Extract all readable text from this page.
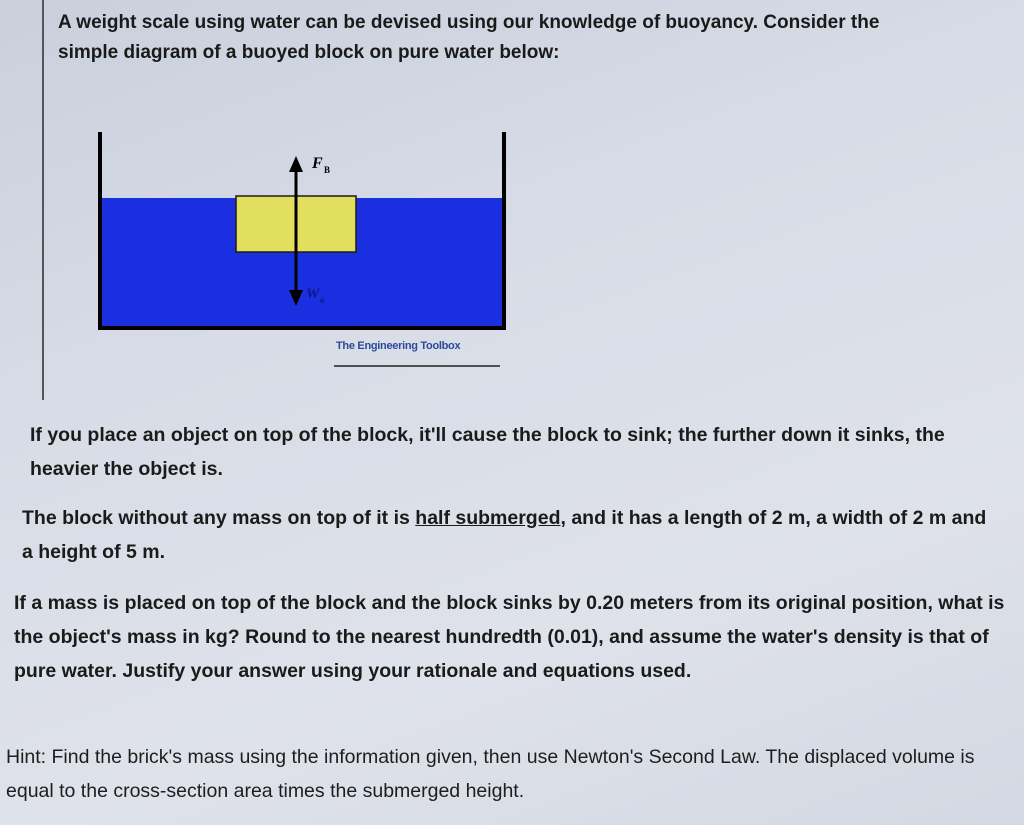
A weight scale using water can be devised using our knowledge of buoyancy. Consider the
simple diagram of a buoyed block on pure water below:

F B
W o
The Engineering Toolbox

If you place an object on top of the block, it'll cause the block to sink; the further down it sinks, the heavier the object is.

The block without any mass on top of it is half submerged, and it has a length of 2 m, a width of 2 m and a height of 5 m.

If a mass is placed on top of the block and the block sinks by 0.20 meters from its original position, what is the object's mass in kg? Round to the nearest hundredth (0.01), and assume the water's density is that of pure water. Justify your answer using your rationale and equations used.

Hint: Find the brick's mass using the information given, then use Newton's Second Law. The displaced volume is equal to the cross-section area times the submerged height.
